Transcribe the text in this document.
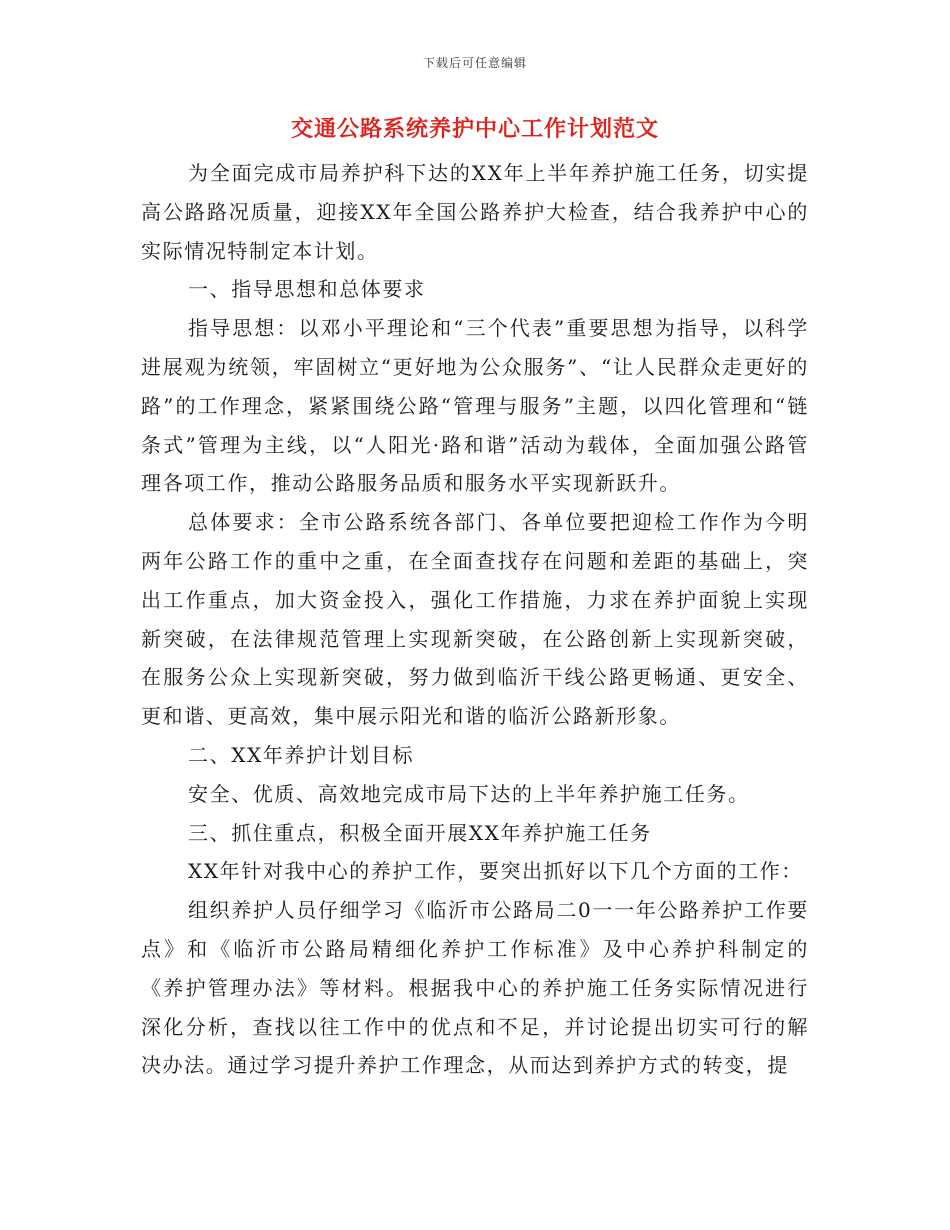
下载后可任意编辑
交通公路系统养护中心工作计划范文

为全面完成市局养护科下达的XX年上半年养护施工任务，切实提高公路路况质量，迎接XX年全国公路养护大检查，结合我养护中心的实际情况特制定本计划。

一、指导思想和总体要求

指导思想：以邓小平理论和“三个代表”重要思想为指导，以科学进展观为统领，牢固树立“更好地为公众服务”、“让人民群众走更好的路”的工作理念，紧紧围绕公路“管理与服务”主题，以四化管理和“链条式”管理为主线，以“人阳光·路和谐”活动为载体，全面加强公路管理各项工作，推动公路服务品质和服务水平实现新跃升。

总体要求：全市公路系统各部门、各单位要把迎检工作作为今明两年公路工作的重中之重，在全面查找存在问题和差距的基础上，突出工作重点，加大资金投入，强化工作措施，力求在养护面貌上实现新突破，在法律规范管理上实现新突破，在公路创新上实现新突破，在服务公众上实现新突破，努力做到临沂干线公路更畅通、更安全、更和谐、更高效，集中展示阳光和谐的临沂公路新形象。

二、XX年养护计划目标

安全、优质、高效地完成市局下达的上半年养护施工任务。

三、抓住重点，积极全面开展XX年养护施工任务

XX年针对我中心的养护工作，要突出抓好以下几个方面的工作：

组织养护人员仔细学习《临沂市公路局二0一一年公路养护工作要点》和《临沂市公路局精细化养护工作标准》及中心养护科制定的《养护管理办法》等材料。根据我中心的养护施工任务实际情况进行深化分析，查找以往工作中的优点和不足，并讨论提出切实可行的解决办法。通过学习提升养护工作理念，从而达到养护方式的转变，提
